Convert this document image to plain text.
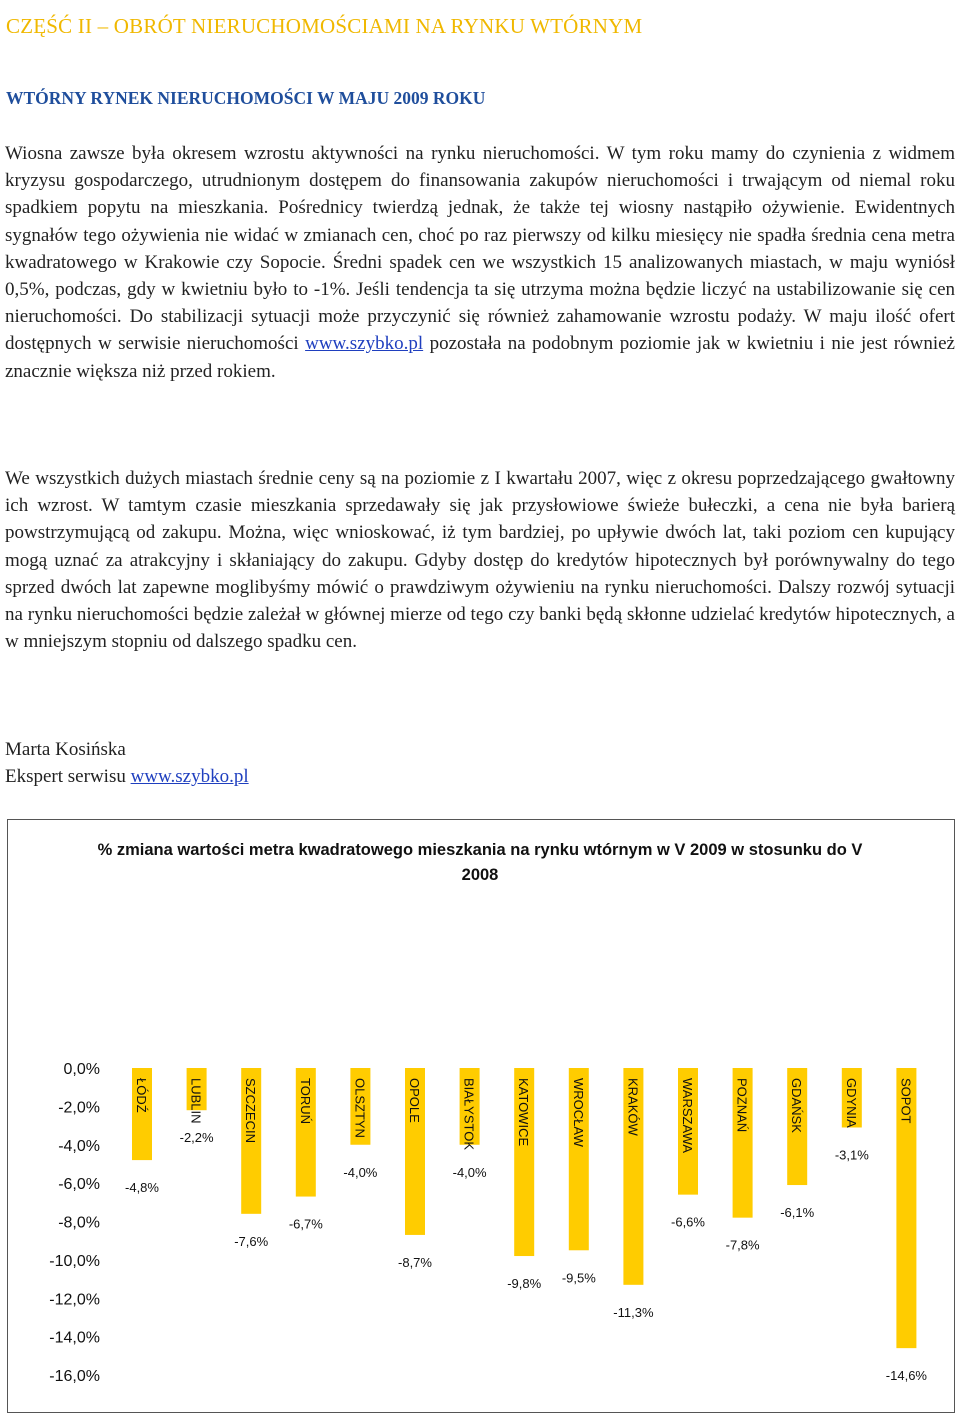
CZĘŚĆ II – OBRÓT NIERUCHOMOŚCIAMI NA RYNKU WTÓRNYM
WTÓRNY RYNEK NIERUCHOMOŚCI W MAJU 2009 ROKU

Wiosna zawsze była okresem wzrostu aktywności na rynku nieruchomości. W tym roku mamy do czynienia z widmem kryzysu gospodarczego, utrudnionym dostępem do finansowania zakupów nieruchomości i trwającym od niemal roku spadkiem popytu na mieszkania. Pośrednicy twierdzą jednak, że także tej wiosny nastąpiło ożywienie. Ewidentnych sygnałów tego ożywienia nie widać w zmianach cen, choć po raz pierwszy od kilku miesięcy nie spadła średnia cena metra kwadratowego w Krakowie czy Sopocie. Średni spadek cen we wszystkich 15 analizowanych miastach, w maju wyniósł 0,5%, podczas, gdy w kwietniu było to -1%. Jeśli tendencja ta się utrzyma można będzie liczyć na ustabilizowanie się cen nieruchomości. Do stabilizacji sytuacji może przyczynić się również zahamowanie wzrostu podaży. W maju ilość ofert dostępnych w serwisie nieruchomości www.szybko.pl pozostała na podobnym poziomie jak w kwietniu i nie jest również znacznie większa niż przed rokiem.

We wszystkich dużych miastach średnie ceny są na poziomie z I kwartału 2007, więc z okresu poprzedzającego gwałtowny ich wzrost. W tamtym czasie mieszkania sprzedawały się jak przysłowiowe świeże bułeczki, a cena nie była barierą powstrzymującą od zakupu. Można, więc wnioskować, iż tym bardziej, po upływie dwóch lat, taki poziom cen kupujący mogą uznać za atrakcyjny i skłaniający do zakupu. Gdyby dostęp do kredytów hipotecznych był porównywalny do tego sprzed dwóch lat zapewne moglibyśmy mówić o prawdziwym ożywieniu na rynku nieruchomości. Dalszy rozwój sytuacji na rynku nieruchomości będzie zależał w głównej mierze od tego czy banki będą skłonne udzielać kredytów hipotecznych, a w mniejszym stopniu od dalszego spadku cen.

Marta Kosińska
Ekspert serwisu www.szybko.pl
% zmiana wartości metra kwadratowego mieszkania na rynku wtórnym w V 2009 w stosunku do V 2008
0,0%
-2,0%
-4,0%
-6,0%
-8,0%
-10,0%
-12,0%
-14,0%
-16,0%
ŁÓDŹ
-4,8%
LUBLIN
-2,2% SZCZECIN
-7,6%
TORUŃ
-6,7%
OLSZTYN
-4,0%
OPOLE
-8,7%
BIAŁYSTOK
-4,0%
KATOWICE
-9,8%
WROCŁAW
-9,5%
KRAKÓW
-11,3%
WARSZAWA
-6,6%
POZNAŃ
-7,8%
GDAŃSK
-6,1%
GDYNIA
-3,1%
SOPOT
-14,6%
